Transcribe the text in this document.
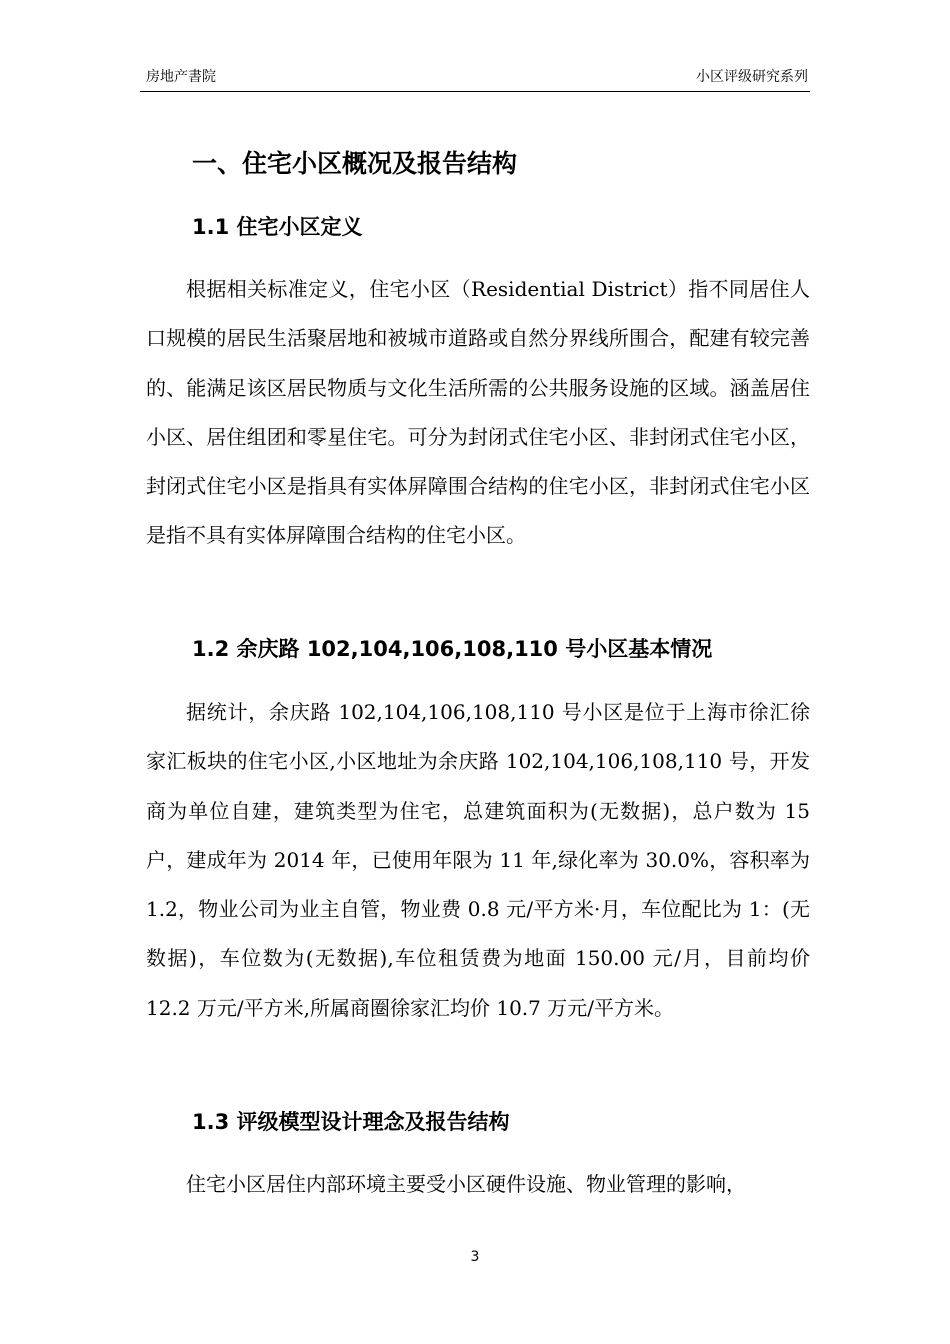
房地产書院	小区评级研究系列
一、住宅小区概况及报告结构
1.1 住宅小区定义

根据相关标准定义，住宅小区（Residential District）指不同居住人口规模的居民生活聚居地和被城市道路或自然分界线所围合，配建有较完善的、能满足该区居民物质与文化生活所需的公共服务设施的区域。涵盖居住小区、居住组团和零星住宅。可分为封闭式住宅小区、非封闭式住宅小区，封闭式住宅小区是指具有实体屏障围合结构的住宅小区，非封闭式住宅小区是指不具有实体屏障围合结构的住宅小区。

1.2 余庆路 102,104,106,108,110 号小区基本情况

据统计，余庆路 102,104,106,108,110 号小区是位于上海市徐汇徐家汇板块的住宅小区,小区地址为余庆路 102,104,106,108,110 号，开发商为单位自建，建筑类型为住宅，总建筑面积为(无数据)，总户数为 15 户，建成年为 2014 年，已使用年限为 11 年,绿化率为 30.0%，容积率为 1.2，物业公司为业主自管，物业费 0.8 元/平方米·月，车位配比为 1：(无数据)，车位数为(无数据),车位租赁费为地面 150.00 元/月，目前均价 12.2 万元/平方米,所属商圈徐家汇均价 10.7 万元/平方米。

1.3 评级模型设计理念及报告结构

住宅小区居住内部环境主要受小区硬件设施、物业管理的影响，

3
